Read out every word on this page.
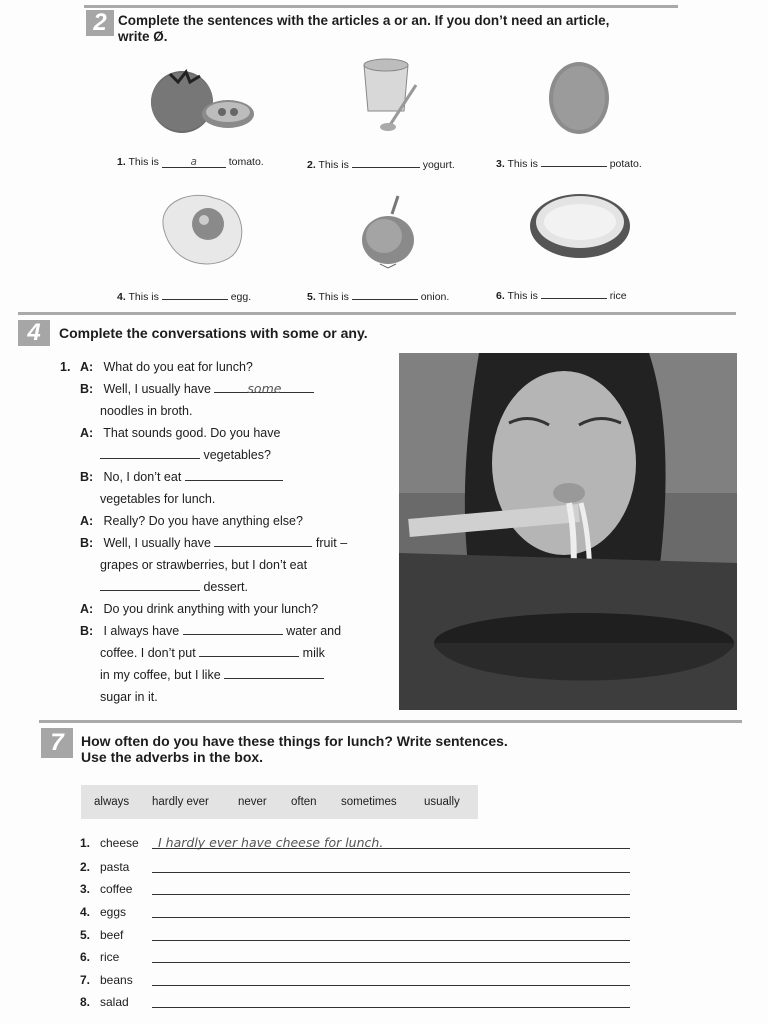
2 Complete the sentences with the articles a or an. If you don’t need an article,
write Ø.
1. This is	a	tomato.	2. This is	yogurt.	3. This is	potato.
4. This is	egg.	5. This is	onion.	6. This is	rice
4	Complete the conversations with some or any.
1. A: What do you eat for lunch?
B: Well, I usually have	some
noodles in broth.
A: That sounds good. Do you have
vegetables?
B: No, I don’t eat
vegetables for lunch.
A: Really? Do you have anything else?
B: Well, I usually have	fruit –
grapes or strawberries, but I don’t eat
dessert.
A: Do you drink anything with your lunch?
B: I always have	water and
coffee. I don’t put	milk
in my coffee, but I like
sugar in it.
7	How often do you have these things for lunch? Write sentences.
Use the adverbs in the box.
always hardly ever	never often sometimes usually
1. cheese I hardly ever have cheese for lunch.
2. pasta
3. coffee
4. eggs
5. beef
6. rice
7. beans
8. salad
